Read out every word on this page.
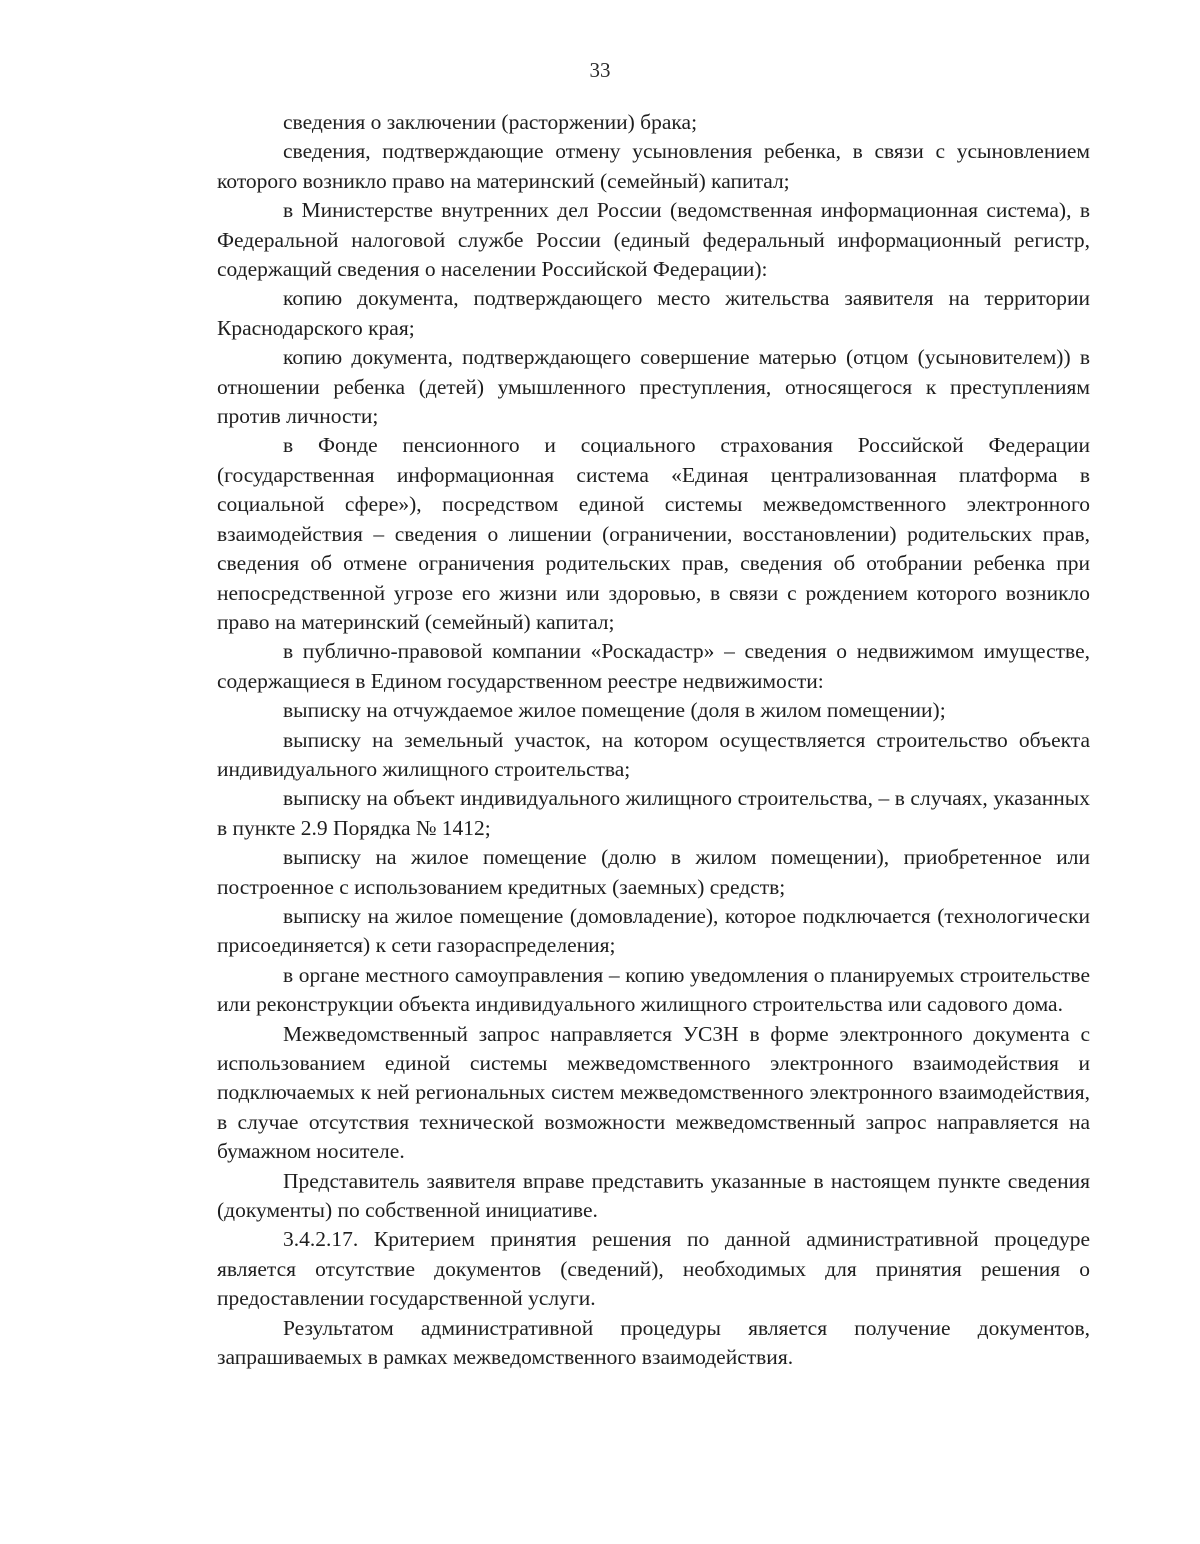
33

сведения о заключении (расторжении) брака;

сведения, подтверждающие отмену усыновления ребенка, в связи с усыновлением которого возникло право на материнский (семейный) капитал;

в Министерстве внутренних дел России (ведомственная информационная система), в Федеральной налоговой службе России (единый федеральный информационный регистр, содержащий сведения о населении Российской Федерации):

копию документа, подтверждающего место жительства заявителя на территории Краснодарского края;

копию документа, подтверждающего совершение матерью (отцом (усыновителем)) в отношении ребенка (детей) умышленного преступления, относящегося к преступлениям против личности;

в Фонде пенсионного и социального страхования Российской Федерации (государственная информационная система «Единая централизованная платформа в социальной сфере»), посредством единой системы межведомственного электронного взаимодействия – сведения о лишении (ограничении, восстановлении) родительских прав, сведения об отмене ограничения родительских прав, сведения об отобрании ребенка при непосредственной угрозе его жизни или здоровью, в связи с рождением которого возникло право на материнский (семейный) капитал;

в публично-правовой компании «Роскадастр» – сведения о недвижимом имуществе, содержащиеся в Едином государственном реестре недвижимости:

выписку на отчуждаемое жилое помещение (доля в жилом помещении);

выписку на земельный участок, на котором осуществляется строительство объекта индивидуального жилищного строительства;

выписку на объект индивидуального жилищного строительства, – в случаях, указанных в пункте 2.9 Порядка № 1412;

выписку на жилое помещение (долю в жилом помещении), приобретенное или построенное с использованием кредитных (заемных) средств;

выписку на жилое помещение (домовладение), которое подключается (технологически присоединяется) к сети газораспределения;

в органе местного самоуправления – копию уведомления о планируемых строительстве или реконструкции объекта индивидуального жилищного строительства или садового дома.

Межведомственный запрос направляется УСЗН в форме электронного документа с использованием единой системы межведомственного электронного взаимодействия и подключаемых к ней региональных систем межведомственного электронного взаимодействия, в случае отсутствия технической возможности межведомственный запрос направляется на бумажном носителе.

Представитель заявителя вправе представить указанные в настоящем пункте сведения (документы) по собственной инициативе.

3.4.2.17. Критерием принятия решения по данной административной процедуре является отсутствие документов (сведений), необходимых для принятия решения о предоставлении государственной услуги.

Результатом административной процедуры является получение документов, запрашиваемых в рамках межведомственного взаимодействия.
